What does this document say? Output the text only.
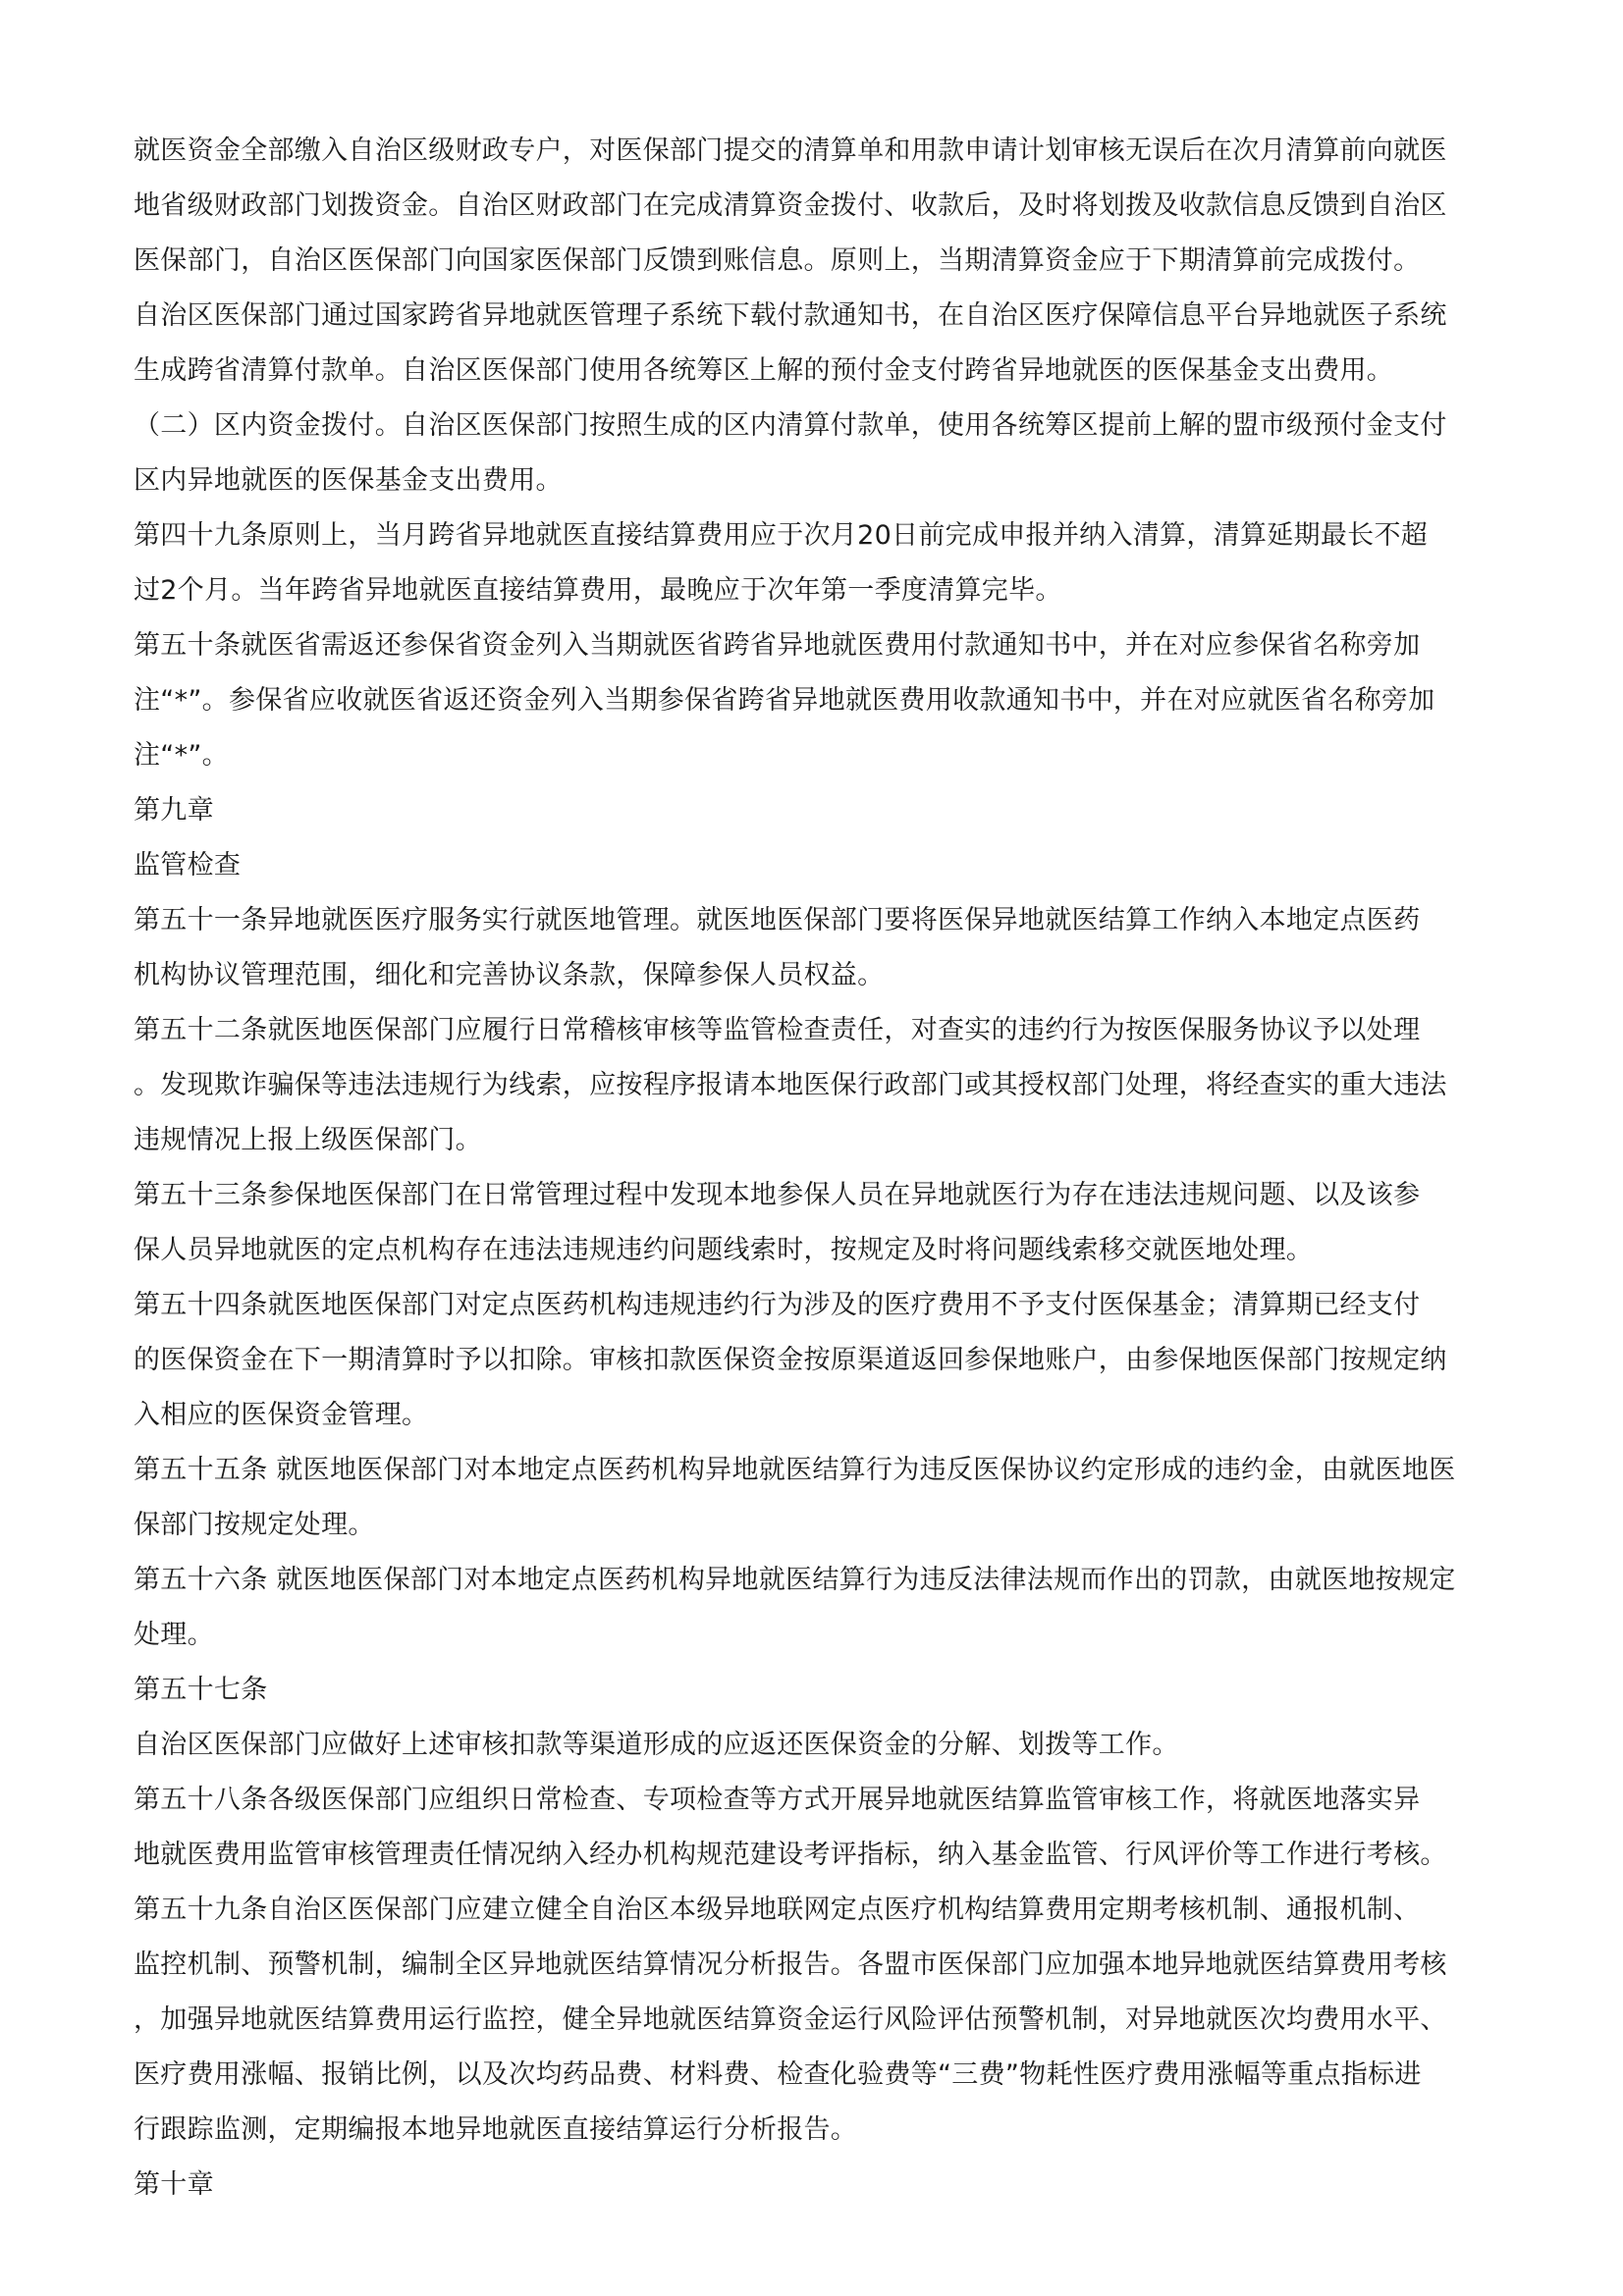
就医资金全部缴入自治区级财政专户，对医保部门提交的清算单和用款申请计划审核无误后在次月清算前向就医
地省级财政部门划拨资金。自治区财政部门在完成清算资金拨付、收款后，及时将划拨及收款信息反馈到自治区
医保部门，自治区医保部门向国家医保部门反馈到账信息。原则上，当期清算资金应于下期清算前完成拨付。
自治区医保部门通过国家跨省异地就医管理子系统下载付款通知书，在自治区医疗保障信息平台异地就医子系统
生成跨省清算付款单。自治区医保部门使用各统筹区上解的预付金支付跨省异地就医的医保基金支出费用。
（二）区内资金拨付。自治区医保部门按照生成的区内清算付款单，使用各统筹区提前上解的盟市级预付金支付
区内异地就医的医保基金支出费用。
第四十九条原则上，当月跨省异地就医直接结算费用应于次月20日前完成申报并纳入清算，清算延期最长不超
过2个月。当年跨省异地就医直接结算费用，最晚应于次年第一季度清算完毕。
第五十条就医省需返还参保省资金列入当期就医省跨省异地就医费用付款通知书中，并在对应参保省名称旁加
注“*”。参保省应收就医省返还资金列入当期参保省跨省异地就医费用收款通知书中，并在对应就医省名称旁加
注“*”。
第九章
监管检查
第五十一条异地就医医疗服务实行就医地管理。就医地医保部门要将医保异地就医结算工作纳入本地定点医药
机构协议管理范围，细化和完善协议条款，保障参保人员权益。
第五十二条就医地医保部门应履行日常稽核审核等监管检查责任，对查实的违约行为按医保服务协议予以处理
。发现欺诈骗保等违法违规行为线索，应按程序报请本地医保行政部门或其授权部门处理，将经查实的重大违法
违规情况上报上级医保部门。
第五十三条参保地医保部门在日常管理过程中发现本地参保人员在异地就医行为存在违法违规问题、以及该参
保人员异地就医的定点机构存在违法违规违约问题线索时，按规定及时将问题线索移交就医地处理。
第五十四条就医地医保部门对定点医药机构违规违约行为涉及的医疗费用不予支付医保基金；清算期已经支付
的医保资金在下一期清算时予以扣除。审核扣款医保资金按原渠道返回参保地账户，由参保地医保部门按规定纳
入相应的医保资金管理。
第五十五条 就医地医保部门对本地定点医药机构异地就医结算行为违反医保协议约定形成的违约金，由就医地医
保部门按规定处理。
第五十六条 就医地医保部门对本地定点医药机构异地就医结算行为违反法律法规而作出的罚款，由就医地按规定
处理。
第五十七条
自治区医保部门应做好上述审核扣款等渠道形成的应返还医保资金的分解、划拨等工作。
第五十八条各级医保部门应组织日常检查、专项检查等方式开展异地就医结算监管审核工作，将就医地落实异
地就医费用监管审核管理责任情况纳入经办机构规范建设考评指标，纳入基金监管、行风评价等工作进行考核。
第五十九条自治区医保部门应建立健全自治区本级异地联网定点医疗机构结算费用定期考核机制、通报机制、
监控机制、预警机制，编制全区异地就医结算情况分析报告。各盟市医保部门应加强本地异地就医结算费用考核
，加强异地就医结算费用运行监控，健全异地就医结算资金运行风险评估预警机制，对异地就医次均费用水平、
医疗费用涨幅、报销比例，以及次均药品费、材料费、检查化验费等“三费”物耗性医疗费用涨幅等重点指标进
行跟踪监测，定期编报本地异地就医直接结算运行分析报告。
第十章
